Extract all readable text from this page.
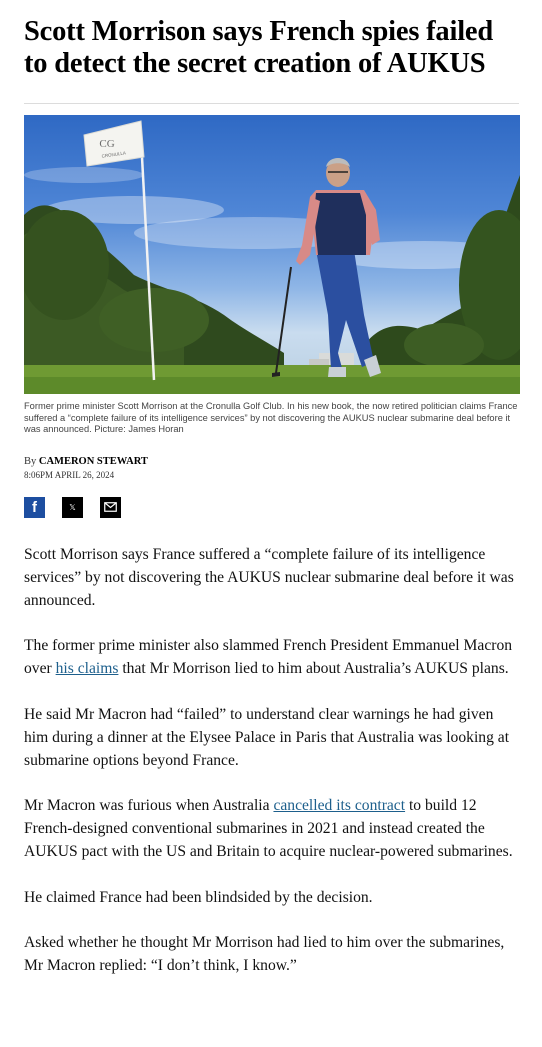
Scott Morrison says French spies failed to detect the secret creation of AUKUS
CG
CRONULLA
Former prime minister Scott Morrison at the Cronulla Golf Club. In his new book, the now retired politician claims France suffered a “complete failure of its intelligence services” by not discovering the AUKUS nuclear submarine deal before it was announced. Picture: James Horan
By CAMERON STEWART
8:06PM APRIL 26, 2024
f	𝕏

Scott Morrison says France suffered a “complete failure of its intelligence services” by not discovering the AUKUS nuclear submarine deal before it was announced.

The former prime minister also slammed French President Emmanuel Macron over his claims that Mr Morrison lied to him about Australia’s AUKUS plans.

He said Mr Macron had “failed” to understand clear warnings he had given him during a dinner at the Elysee Palace in Paris that Australia was looking at submarine options beyond France.

Mr Macron was furious when Australia cancelled its contract to build 12 French-designed conventional submarines in 2021 and instead created the AUKUS pact with the US and Britain to acquire nuclear-powered submarines.

He claimed France had been blindsided by the decision.

Asked whether he thought Mr Morrison had lied to him over the submarines, Mr Macron replied: “I don’t think, I know.”
